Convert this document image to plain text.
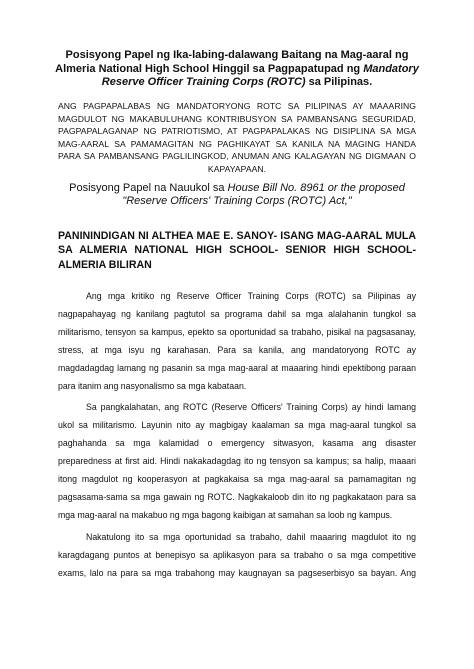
Posisyong Papel ng Ika-labing-dalawang Baitang na Mag-aaral ng
Almeria National High School Hinggil sa Pagpapatupad ng Mandatory
Reserve Officer Training Corps (ROTC) sa Pilipinas.
ANG PAGPAPALABAS NG MANDATORYONG ROTC SA PILIPINAS AY MAAARING
MAGDULOT NG MAKABULUHANG KONTRIBUSYON SA PAMBANSANG SEGURIDAD,
PAGPAPALAGANAP NG PATRIOTISMO, AT PAGPAPALAKAS NG DISIPLINA SA MGA
MAG-AARAL SA PAMAMAGITAN NG PAGHIKAYAT SA KANILA NA MAGING HANDA
PARA SA PAMBANSANG PAGLILINGKOD, ANUMAN ANG KALAGAYAN NG DIGMAAN O
KAPAYAPAAN.
Posisyong Papel na Nauukol sa House Bill No. 8961 or the proposed
"Reserve Officers' Training Corps (ROTC) Act,"
PANININDIGAN NI ALTHEA MAE E. SANOY- ISANG MAG-AARAL MULA
SA ALMERIA NATIONAL HIGH SCHOOL- SENIOR HIGH SCHOOL-
ALMERIA BILIRAN
Ang mga kritiko ng Reserve Officer Training Corps (ROTC) sa Pilipinas ay
nagpapahayag ng kanilang pagtutol sa programa dahil sa mga alalahanin tungkol sa
militarismo, tensyon sa kampus, epekto sa oportunidad sa trabaho, pisikal na pagsasanay,
stress, at mga isyu ng karahasan. Para sa kanila, ang mandatoryong ROTC ay
magdadagdag lamang ng pasanin sa mga mag-aaral at maaaring hindi epektibong paraan
para itanim ang nasyonalismo sa mga kabataan.
Sa pangkalahatan, ang ROTC (Reserve Officers' Training Corps) ay hindi lamang
ukol sa militarismo. Layunin nito ay magbigay kaalaman sa mga mag-aaral tungkol sa
paghahanda sa mga kalamidad o emergency sitwasyon, kasama ang disaster
preparedness at first aid. Hindi nakakadagdag ito ng tensyon sa kampus; sa halip, maaari
itong magdulot ng kooperasyon at pagkakaisa sa mga mag-aaral sa pamamagitan ng
pagsasama-sama sa mga gawain ng ROTC. Nagkakaloob din ito ng pagkakataon para sa
mga mag-aaral na makabuo ng mga bagong kaibigan at samahan sa loob ng kampus.
Nakatulong ito sa mga oportunidad sa trabaho, dahil maaaring magdulot ito ng
karagdagang puntos at benepisyo sa aplikasyon para sa trabaho o sa mga competitive
exams, lalo na para sa mga trabahong may kaugnayan sa pagseserbisyo sa bayan. Ang
